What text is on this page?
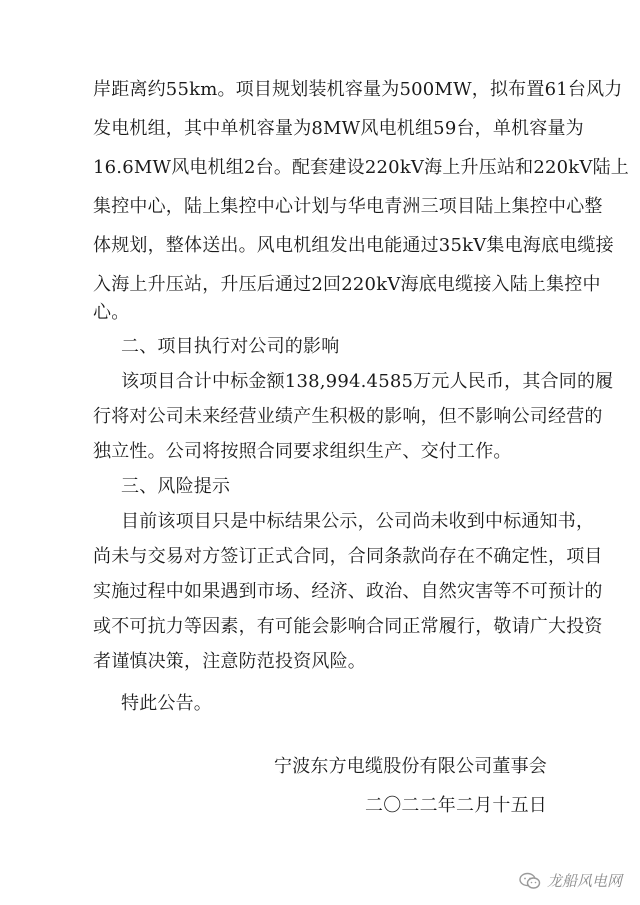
岸距离约55km。项目规划装机容量为500MW，拟布置61台风力
发电机组，其中单机容量为8MW风电机组59台，单机容量为
16.6MW风电机组2台。配套建设220kV海上升压站和220kV陆上
集控中心，陆上集控中心计划与华电青洲三项目陆上集控中心整
体规划，整体送出。风电机组发出电能通过35kV集电海底电缆接
入海上升压站，升压后通过2回220kV海底电缆接入陆上集控中
心。
二、项目执行对公司的影响
该项目合计中标金额138,994.4585万元人民币，其合同的履
行将对公司未来经营业绩产生积极的影响，但不影响公司经营的
独立性。公司将按照合同要求组织生产、交付工作。
三、风险提示
目前该项目只是中标结果公示，公司尚未收到中标通知书，
尚未与交易对方签订正式合同，合同条款尚存在不确定性，项目
实施过程中如果遇到市场、经济、政治、自然灾害等不可预计的
或不可抗力等因素，有可能会影响合同正常履行，敬请广大投资
者谨慎决策，注意防范投资风险。
特此公告。
宁波东方电缆股份有限公司董事会
二〇二二年二月十五日
龙船风电网
